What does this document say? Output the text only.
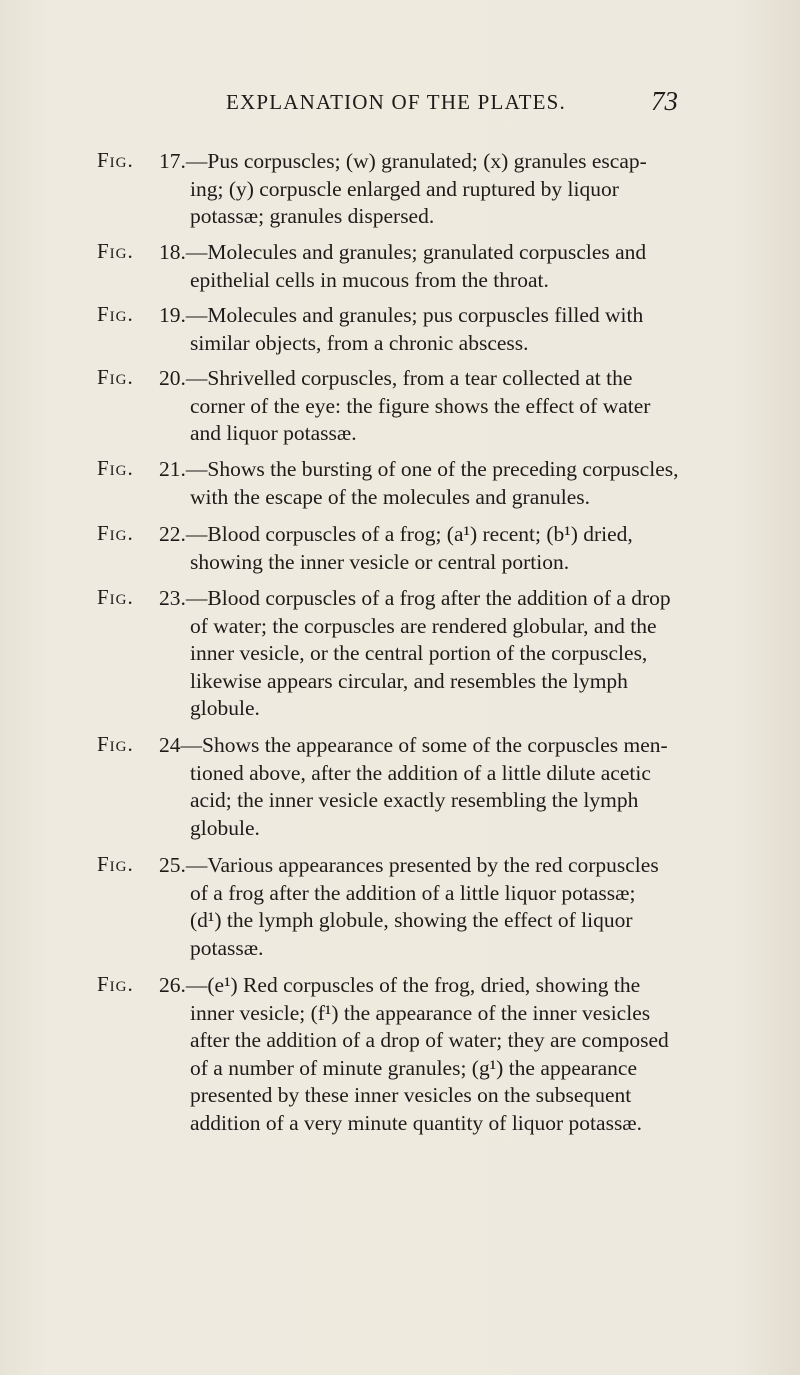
EXPLANATION OF THE PLATES.	73
Fig. 17.—Pus corpuscles; (w) granulated; (x) granules escap-
ing; (y) corpuscle enlarged and ruptured by liquor
potassæ; granules dispersed.
Fig. 18.—Molecules and granules; granulated corpuscles and
epithelial cells in mucous from the throat.
Fig. 19.—Molecules and granules; pus corpuscles filled with
similar objects, from a chronic abscess.
Fig. 20.—Shrivelled corpuscles, from a tear collected at the
corner of the eye: the figure shows the effect of water
and liquor potassæ.
Fig. 21.—Shows the bursting of one of the preceding corpuscles,
with the escape of the molecules and granules.
Fig. 22.—Blood corpuscles of a frog; (a¹) recent; (b¹) dried,
showing the inner vesicle or central portion.
Fig. 23.—Blood corpuscles of a frog after the addition of a drop
of water; the corpuscles are rendered globular, and the
inner vesicle, or the central portion of the corpuscles,
likewise appears circular, and resembles the lymph
globule.
Fig. 24—Shows the appearance of some of the corpuscles men-
tioned above, after the addition of a little dilute acetic
acid; the inner vesicle exactly resembling the lymph
globule.
Fig. 25.—Various appearances presented by the red corpuscles
of a frog after the addition of a little liquor potassæ;
(d¹) the lymph globule, showing the effect of liquor
potassæ.
Fig. 26.—(e¹) Red corpuscles of the frog, dried, showing the
inner vesicle; (f¹) the appearance of the inner vesicles
after the addition of a drop of water; they are composed
of a number of minute granules; (g¹) the appearance
presented by these inner vesicles on the subsequent
addition of a very minute quantity of liquor potassæ.
